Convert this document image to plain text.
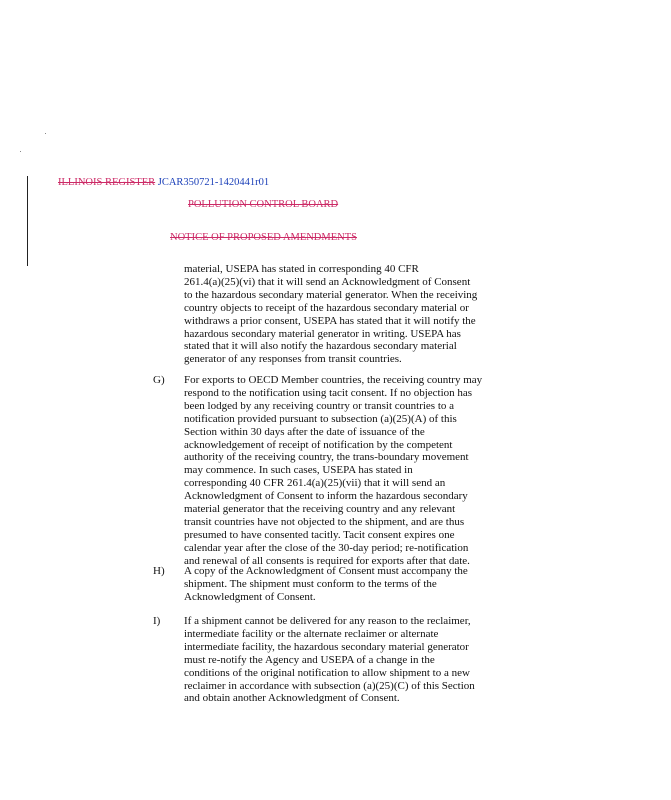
ILLINOIS REGISTER JCAR350721-1420441r01
POLLUTION CONTROL BOARD
NOTICE OF PROPOSED AMENDMENTS
material, USEPA has stated in corresponding 40 CFR
261.4(a)(25)(vi) that it will send an Acknowledgment of Consent
to the hazardous secondary material generator. When the receiving
country objects to receipt of the hazardous secondary material or
withdraws a prior consent, USEPA has stated that it will notify the
hazardous secondary material generator in writing. USEPA has
stated that it will also notify the hazardous secondary material
generator of any responses from transit countries.
G) For exports to OECD Member countries, the receiving country may
respond to the notification using tacit consent. If no objection has
been lodged by any receiving country or transit countries to a
notification provided pursuant to subsection (a)(25)(A) of this
Section within 30 days after the date of issuance of the
acknowledgement of receipt of notification by the competent
authority of the receiving country, the trans-boundary movement
may commence. In such cases, USEPA has stated in
corresponding 40 CFR 261.4(a)(25)(vii) that it will send an
Acknowledgment of Consent to inform the hazardous secondary
material generator that the receiving country and any relevant
transit countries have not objected to the shipment, and are thus
presumed to have consented tacitly. Tacit consent expires one
calendar year after the close of the 30-day period; re-notification
and renewal of all consents is required for exports after that date.
H) A copy of the Acknowledgment of Consent must accompany the
shipment. The shipment must conform to the terms of the
Acknowledgment of Consent.
I) If a shipment cannot be delivered for any reason to the reclaimer,
intermediate facility or the alternate reclaimer or alternate
intermediate facility, the hazardous secondary material generator
must re-notify the Agency and USEPA of a change in the
conditions of the original notification to allow shipment to a new
reclaimer in accordance with subsection (a)(25)(C) of this Section
and obtain another Acknowledgment of Consent.
